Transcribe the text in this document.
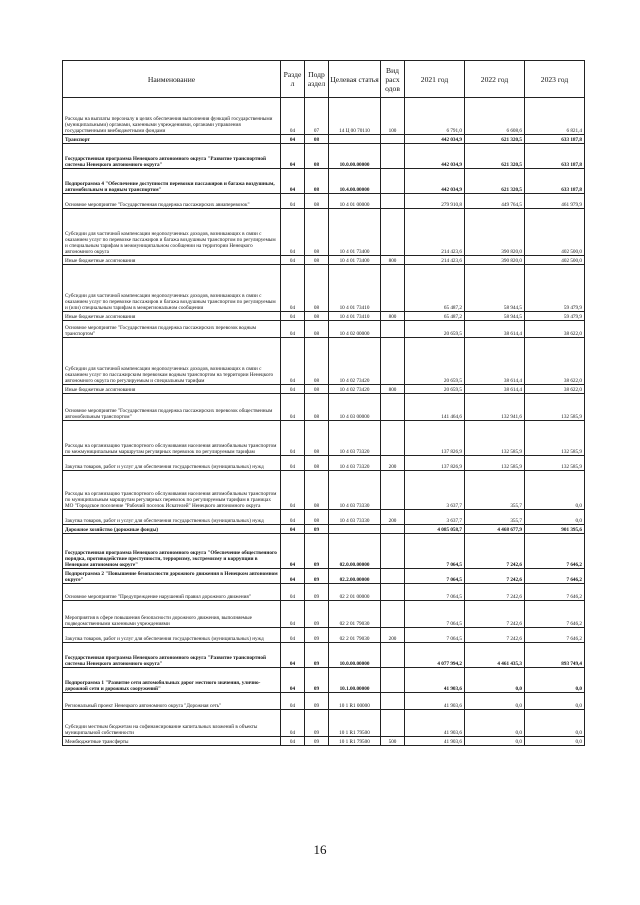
Наименование	Разде л	Подр аздел	Целевая статья	Вид расх одов	2021 год	2022 год	2023 год
Расходы на выплаты персоналу в целях обеспечения выполнения функций государственными (муниципальными) органами, казенными учреждениями, органами управления государственными внебюджетными фондами	04	07	14 Ц 00 70110	100	6 791,0	6 608,6	6 821,4
Транспорт	04	08			442 034,9	621 320,5	633 187,8
Государственная программа Ненецкого автономного округа "Развитие транспортной системы Ненецкого автономного округа"	04	08	10.0.00.00000		442 034,9	621 320,5	633 187,8
Подпрограмма 4 "Обеспечение доступности перевозки пассажиров и багажа воздушным, автомобильным и водным транспортом"	04	08	10.4.00.00000		442 034,9	621 320,5	633 187,8
Основное мероприятие "Государственная поддержка пассажирских авиаперевозок"	04	08	10 4 01 00000		279 910,8	449 764,5	461 979,9
Субсидии для частичной компенсации недополученных доходов, возникающих в связи с оказанием услуг по перевозке пассажиров и багажа воздушным транспортом по регулируемым и специальным тарифам в межмуниципальном сообщении на территории Ненецкого автономного округа	04	08	10 4 01 73400		214 423,6	390 820,0	402 500,0
Иные бюджетные ассигнования	04	08	10 4 01 73400	800	214 423,6	390 820,0	402 500,0
Субсидии для частичной компенсации недополученных доходов, возникающих в связи с оказанием услуг по перевозке пассажиров и багажа воздушным транспортом по регулируемым и (или) специальным тарифам в межрегиональном сообщении	04	08	10 4 01 73410		65 487,2	58 944,5	59 479,9
Иные бюджетные ассигнования	04	08	10 4 01 73410	800	65 487,2	58 944,5	59 479,9
Основное мероприятие "Государственная поддержка пассажирских перевозок водным транспортом"	04	08	10 4 02 00000		20 659,5	38 614,4	38 622,0
Субсидии для частичной компенсации недополученных доходов, возникающих в связи с оказанием услуг по пассажирским перевозкам водным транспортом на территории Ненецкого автономного округа по регулируемым и специальным тарифам	04	08	10 4 02 73420		20 659,5	38 614,4	38 622,0
Иные бюджетные ассигнования	04	08	10 4 02 73420	800	20 659,5	38 614,4	38 622,0
Основное мероприятие "Государственная поддержка пассажирских перевозок общественным автомобильным транспортом"	04	08	10 4 03 00000		141 464,6	132 941,6	132 585,9
Расходы на организацию транспортного обслуживания населения автомобильным транспортом по межмуниципальным маршрутам регулярных перевозок по регулируемым тарифам	04	08	10 4 03 73320		137 826,9	132 585,9	132 585,9
Закупка товаров, работ и услуг для обеспечения государственных (муниципальных) нужд	04	08	10 4 03 73320	200	137 826,9	132 585,9	132 585,9
Расходы на организацию транспортного обслуживания населения автомобильным транспортом по муниципальным маршрутам регулярных перевозок по регулируемым тарифам в границах МО "Городское поселение "Рабочий поселок Искателей" Ненецкого автономного округа	04	08	10 4 03 73330		3 637,7	355,7	0,0
Закупка товаров, работ и услуг для обеспечения государственных (муниципальных) нужд	04	08	10 4 03 73330	200	3 637,7	355,7	0,0
Дорожное хозяйство (дорожные фонды)	04	09			4 085 058,7	4 468 677,9	901 395,6
Государственная программа Ненецкого автономного округа "Обеспечение общественного порядка, противодействие преступности, терроризму, экстремизму и коррупции в Ненецком автономном округе"	04	09	02.0.00.00000		7 064,5	7 242,6	7 646,2
Подпрограмма 2 "Повышение безопасности дорожного движения в Ненецком автономном округе"	04	09	02.2.00.00000		7 064,5	7 242,6	7 646,2
Основное мероприятие "Предупреждение нарушений правил дорожного движения"	04	09	02 2 01 00000		7 064,5	7 242,6	7 646,2
Мероприятия в сфере повышения безопасности дорожного движения, выполняемые подведомственными казенными учреждениями	04	09	02 2 01 79030		7 064,5	7 242,6	7 646,2
Закупка товаров, работ и услуг для обеспечения государственных (муниципальных) нужд	04	09	02 2 01 79030	200	7 064,5	7 242,6	7 646,2
Государственная программа Ненецкого автономного округа "Развитие транспортной системы Ненецкого автономного округа"	04	09	10.0.00.00000		4 077 994,2	4 461 435,3	893 749,4
Подпрограмма 1 "Развитие сети автомобильных дорог местного значения, улично-дорожной сети и дорожных сооружений"	04	09	10.1.00.00000		41 903,6	0,0	0,0
Региональный проект Ненецкого автономного округа "Дорожная сеть"	04	09	10 1 R1 00000		41 903,6	0,0	0,0
Субсидии местным бюджетам на софинансирование капитальных вложений в объекты муниципальной собственности	04	09	10 1 R1 79500		41 903,6	0,0	0,0
Межбюджетные трансферты	04	09	10 1 R1 79500	500	41 903,6	0,0	0,0
16
